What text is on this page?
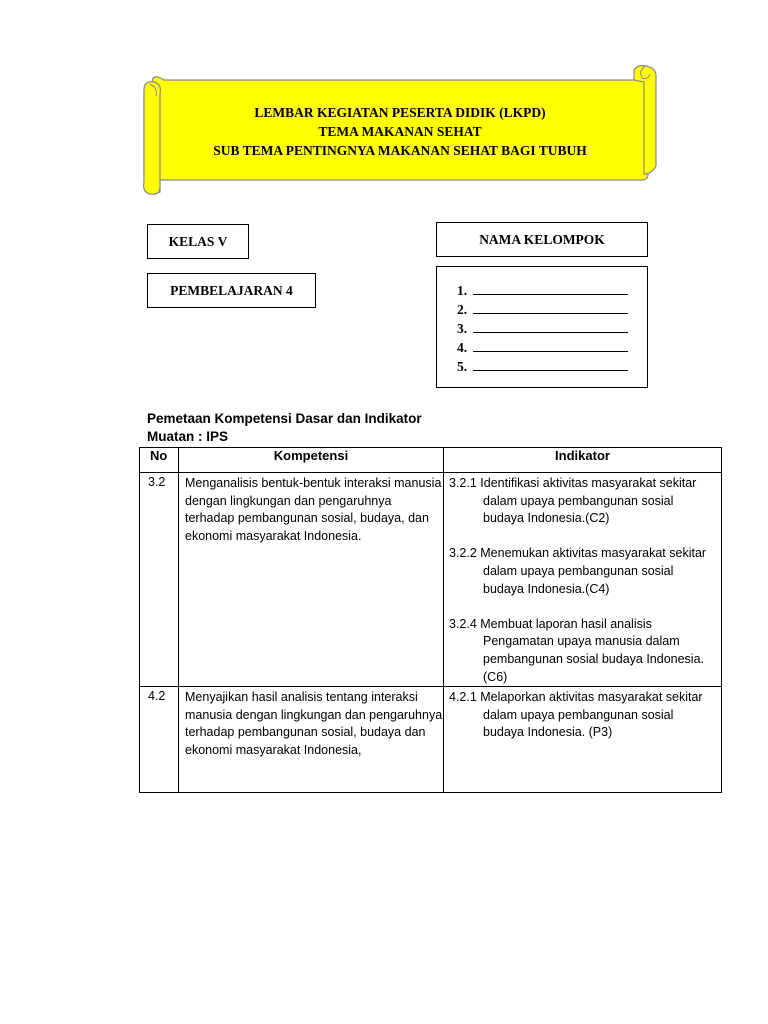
LEMBAR KEGIATAN PESERTA DIDIK (LKPD)
TEMA MAKANAN SEHAT
SUB TEMA PENTINGNYA MAKANAN SEHAT BAGI TUBUH
KELAS V
PEMBELAJARAN 4
NAMA KELOMPOK
1.
2.
3.
4.
5.
Pemetaan Kompetensi Dasar dan Indikator
Muatan : IPS
No	Kompetensi	Indikator
3.2	Menganalisis bentuk-bentuk interaksi manusia dengan lingkungan dan pengaruhnya terhadap pembangunan sosial, budaya, dan ekonomi masyarakat Indonesia.	3.2.1 Identifikasi aktivitas masyarakat sekitar dalam upaya pembangunan sosial budaya Indonesia.(C2)
3.2.2 Menemukan aktivitas masyarakat sekitar dalam upaya pembangunan sosial budaya Indonesia.(C4)
3.2.4 Membuat laporan hasil analisis Pengamatan upaya manusia dalam pembangunan sosial budaya Indonesia.(C6)

4.2	Menyajikan hasil analisis tentang interaksi manusia dengan lingkungan dan pengaruhnya terhadap pembangunan sosial, budaya dan ekonomi masyarakat Indonesia,	4.2.1 Melaporkan aktivitas masyarakat sekitar dalam upaya pembangunan sosial budaya Indonesia. (P3)
